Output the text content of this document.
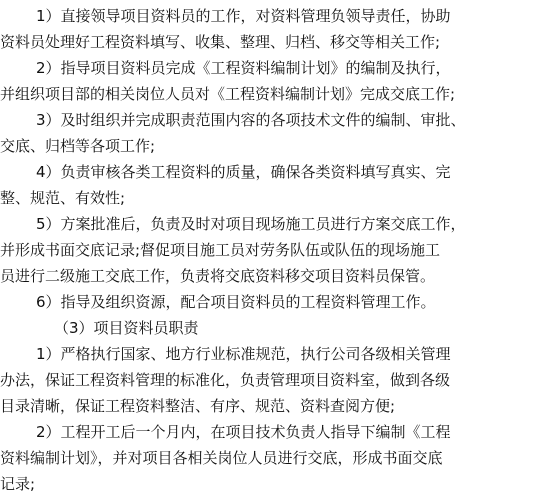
1）直接领导项目资料员的工作，对资料管理负领导责任，协助
资料员处理好工程资料填写、收集、整理、归档、移交等相关工作;
2）指导项目资料员完成《工程资料编制计划》的编制及执行，
并组织项目部的相关岗位人员对《工程资料编制计划》完成交底工作;
3）及时组织并完成职责范围内容的各项技术文件的编制、审批、
交底、归档等各项工作;
4）负责审核各类工程资料的质量，确保各类资料填写真实、完
整、规范、有效性;
5）方案批准后，负责及时对项目现场施工员进行方案交底工作，
并形成书面交底记录;督促项目施工员对劳务队伍或队伍的现场施工
员进行二级施工交底工作，负责将交底资料移交项目资料员保管。
6）指导及组织资源，配合项目资料员的工程资料管理工作。
（3）项目资料员职责
1）严格执行国家、地方行业标准规范，执行公司各级相关管理
办法，保证工程资料管理的标准化，负责管理项目资料室，做到各级
目录清晰，保证工程资料整洁、有序、规范、资料查阅方便;
2）工程开工后一个月内，在项目技术负责人指导下编制《工程
资料编制计划》，并对项目各相关岗位人员进行交底，形成书面交底
记录;
